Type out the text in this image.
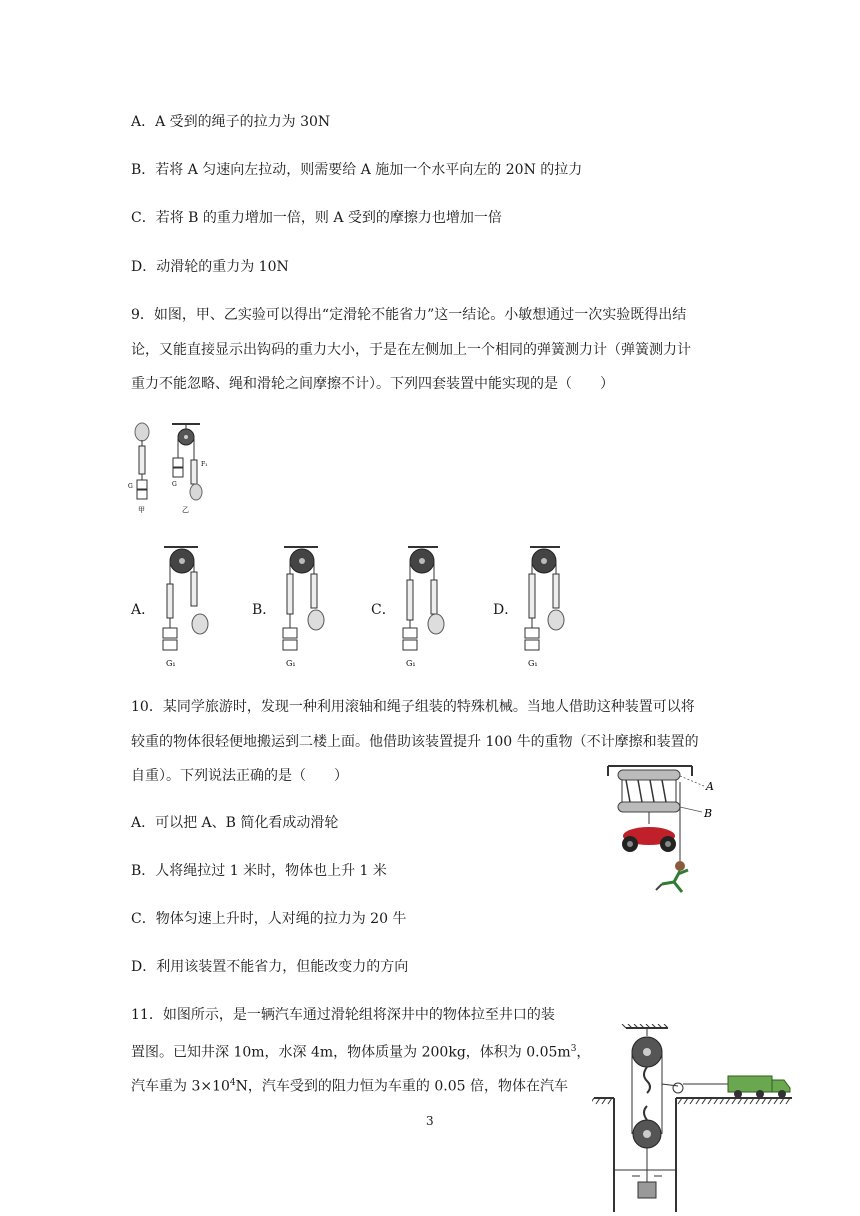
A．A 受到的绳子的拉力为 30N
B．若将 A 匀速向左拉动，则需要给 A 施加一个水平向左的 20N 的拉力
C．若将 B 的重力增加一倍，则 A 受到的摩擦力也增加一倍
D．动滑轮的重力为 10N
9．如图，甲、乙实验可以得出“定滑轮不能省力”这一结论。小敏想通过一次实验既得出结
论，又能直接显示出钩码的重力大小，于是在左侧加上一个相同的弹簧测力计（弹簧测力计
重力不能忽略、绳和滑轮之间摩擦不计）。下列四套装置中能实现的是（　　）
G
甲
G
F₁
乙
G₁
A．
G₁
B．
G₁
C．
G₁
D．
10．某同学旅游时，发现一种利用滚轴和绳子组装的特殊机械。当地人借助这种装置可以将
较重的物体很轻便地搬运到二楼上面。他借助该装置提升 100 牛的重物（不计摩擦和装置的
自重）。下列说法正确的是（　　）
A．可以把 A、B 简化看成动滑轮
B．人将绳拉过 1 米时，物体也上升 1 米
C．物体匀速上升时，人对绳的拉力为 20 牛
D．利用该装置不能省力，但能改变力的方向
A
B
11．如图所示，是一辆汽车通过滑轮组将深井中的物体拉至井口的装
置图。已知井深 10m，水深 4m，物体质量为 200kg，体积为 $0.05m^3$，
汽车重为 $3\times 10^4N$，汽车受到的阻力恒为车重的 0.05 倍，物体在汽车
3
